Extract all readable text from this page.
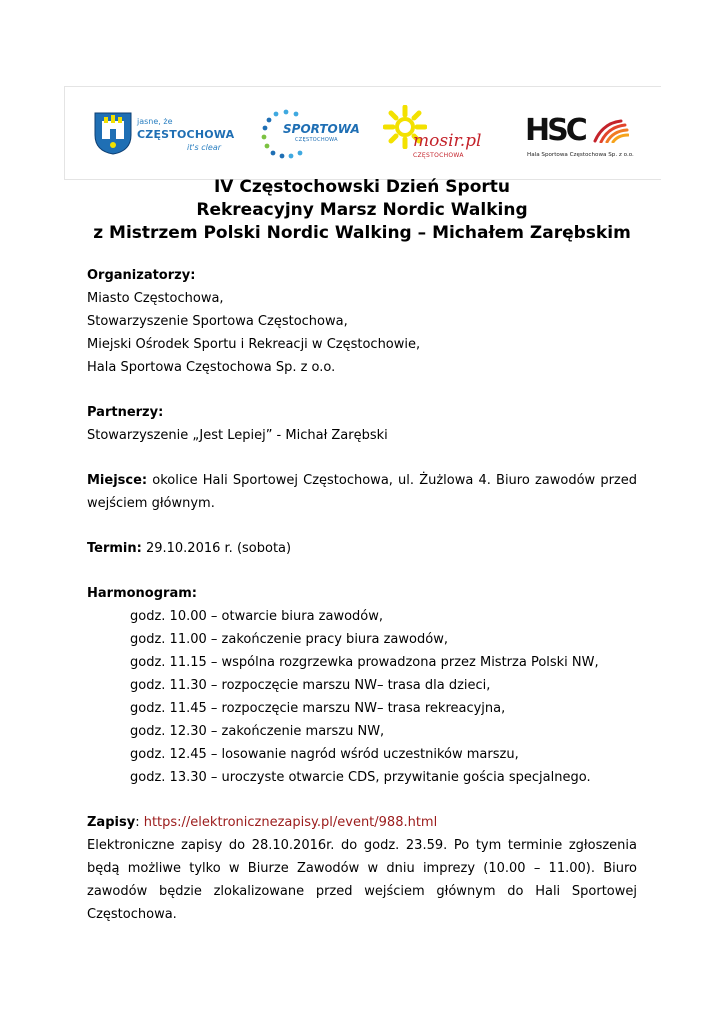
jasne, że
CZĘSTOCHOWA
it's clear
SPORTOWA
CZĘSTOCHOWA	mosir.pl
CZĘSTOCHOWA
HSC
Hala Sportowa Częstochowa Sp. z o.o.
IV Częstochowski Dzień Sportu
Rekreacyjny Marsz Nordic Walking
z Mistrzem Polski Nordic Walking – Michałem Zarębskim

Organizatorzy:

Miasto Częstochowa,

Stowarzyszenie Sportowa Częstochowa,

Miejski Ośrodek Sportu i Rekreacji w Częstochowie,

Hala Sportowa Częstochowa Sp. z o.o.

Partnerzy:

Stowarzyszenie „Jest Lepiej” - Michał Zarębski

Miejsce: okolice Hali Sportowej Częstochowa, ul. Żużlowa 4. Biuro zawodów przed wejściem głównym.

Termin: 29.10.2016 r. (sobota)

Harmonogram:

godz. 10.00 – otwarcie biura zawodów,

godz. 11.00 – zakończenie pracy biura zawodów,

godz. 11.15 – wspólna rozgrzewka prowadzona przez Mistrza Polski NW,

godz. 11.30 – rozpoczęcie marszu NW– trasa dla dzieci,

godz. 11.45 – rozpoczęcie marszu NW– trasa rekreacyjna,

godz. 12.30 – zakończenie marszu NW,

godz. 12.45 – losowanie nagród wśród uczestników marszu,

godz. 13.30 – uroczyste otwarcie CDS, przywitanie gościa specjalnego.

Zapisy: https://elektronicznezapisy.pl/event/988.html

Elektroniczne zapisy do 28.10.2016r. do godz. 23.59. Po tym terminie zgłoszenia będą możliwe tylko w Biurze Zawodów w dniu imprezy (10.00 – 11.00). Biuro zawodów będzie zlokalizowane przed wejściem głównym do Hali Sportowej Częstochowa.
